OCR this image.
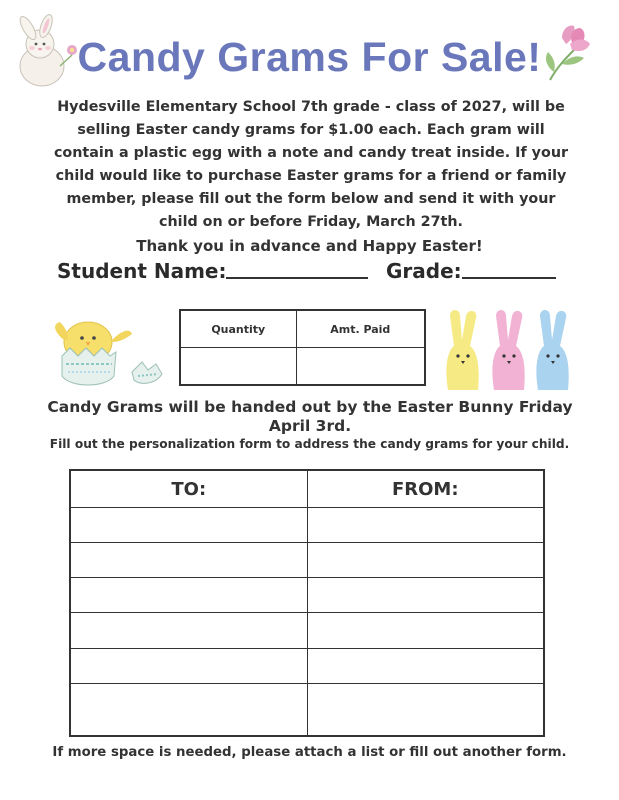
Candy Grams For Sale!
Hydesville Elementary School 7th grade - class of 2027, will be selling Easter candy grams for $1.00 each. Each gram will contain a plastic egg with a note and candy treat inside. If your child would like to purchase Easter grams for a friend or family member, please fill out the form below and send it with your child on or before Friday, March 27th.
Thank you in advance and Happy Easter!
Student Name:	Grade:
Quantity	Amt. Paid

Candy Grams will be handed out by the Easter Bunny Friday April 3rd.
Fill out the personalization form to address the candy grams for your child.
TO:	FROM:

If more space is needed, please attach a list or fill out another form.
